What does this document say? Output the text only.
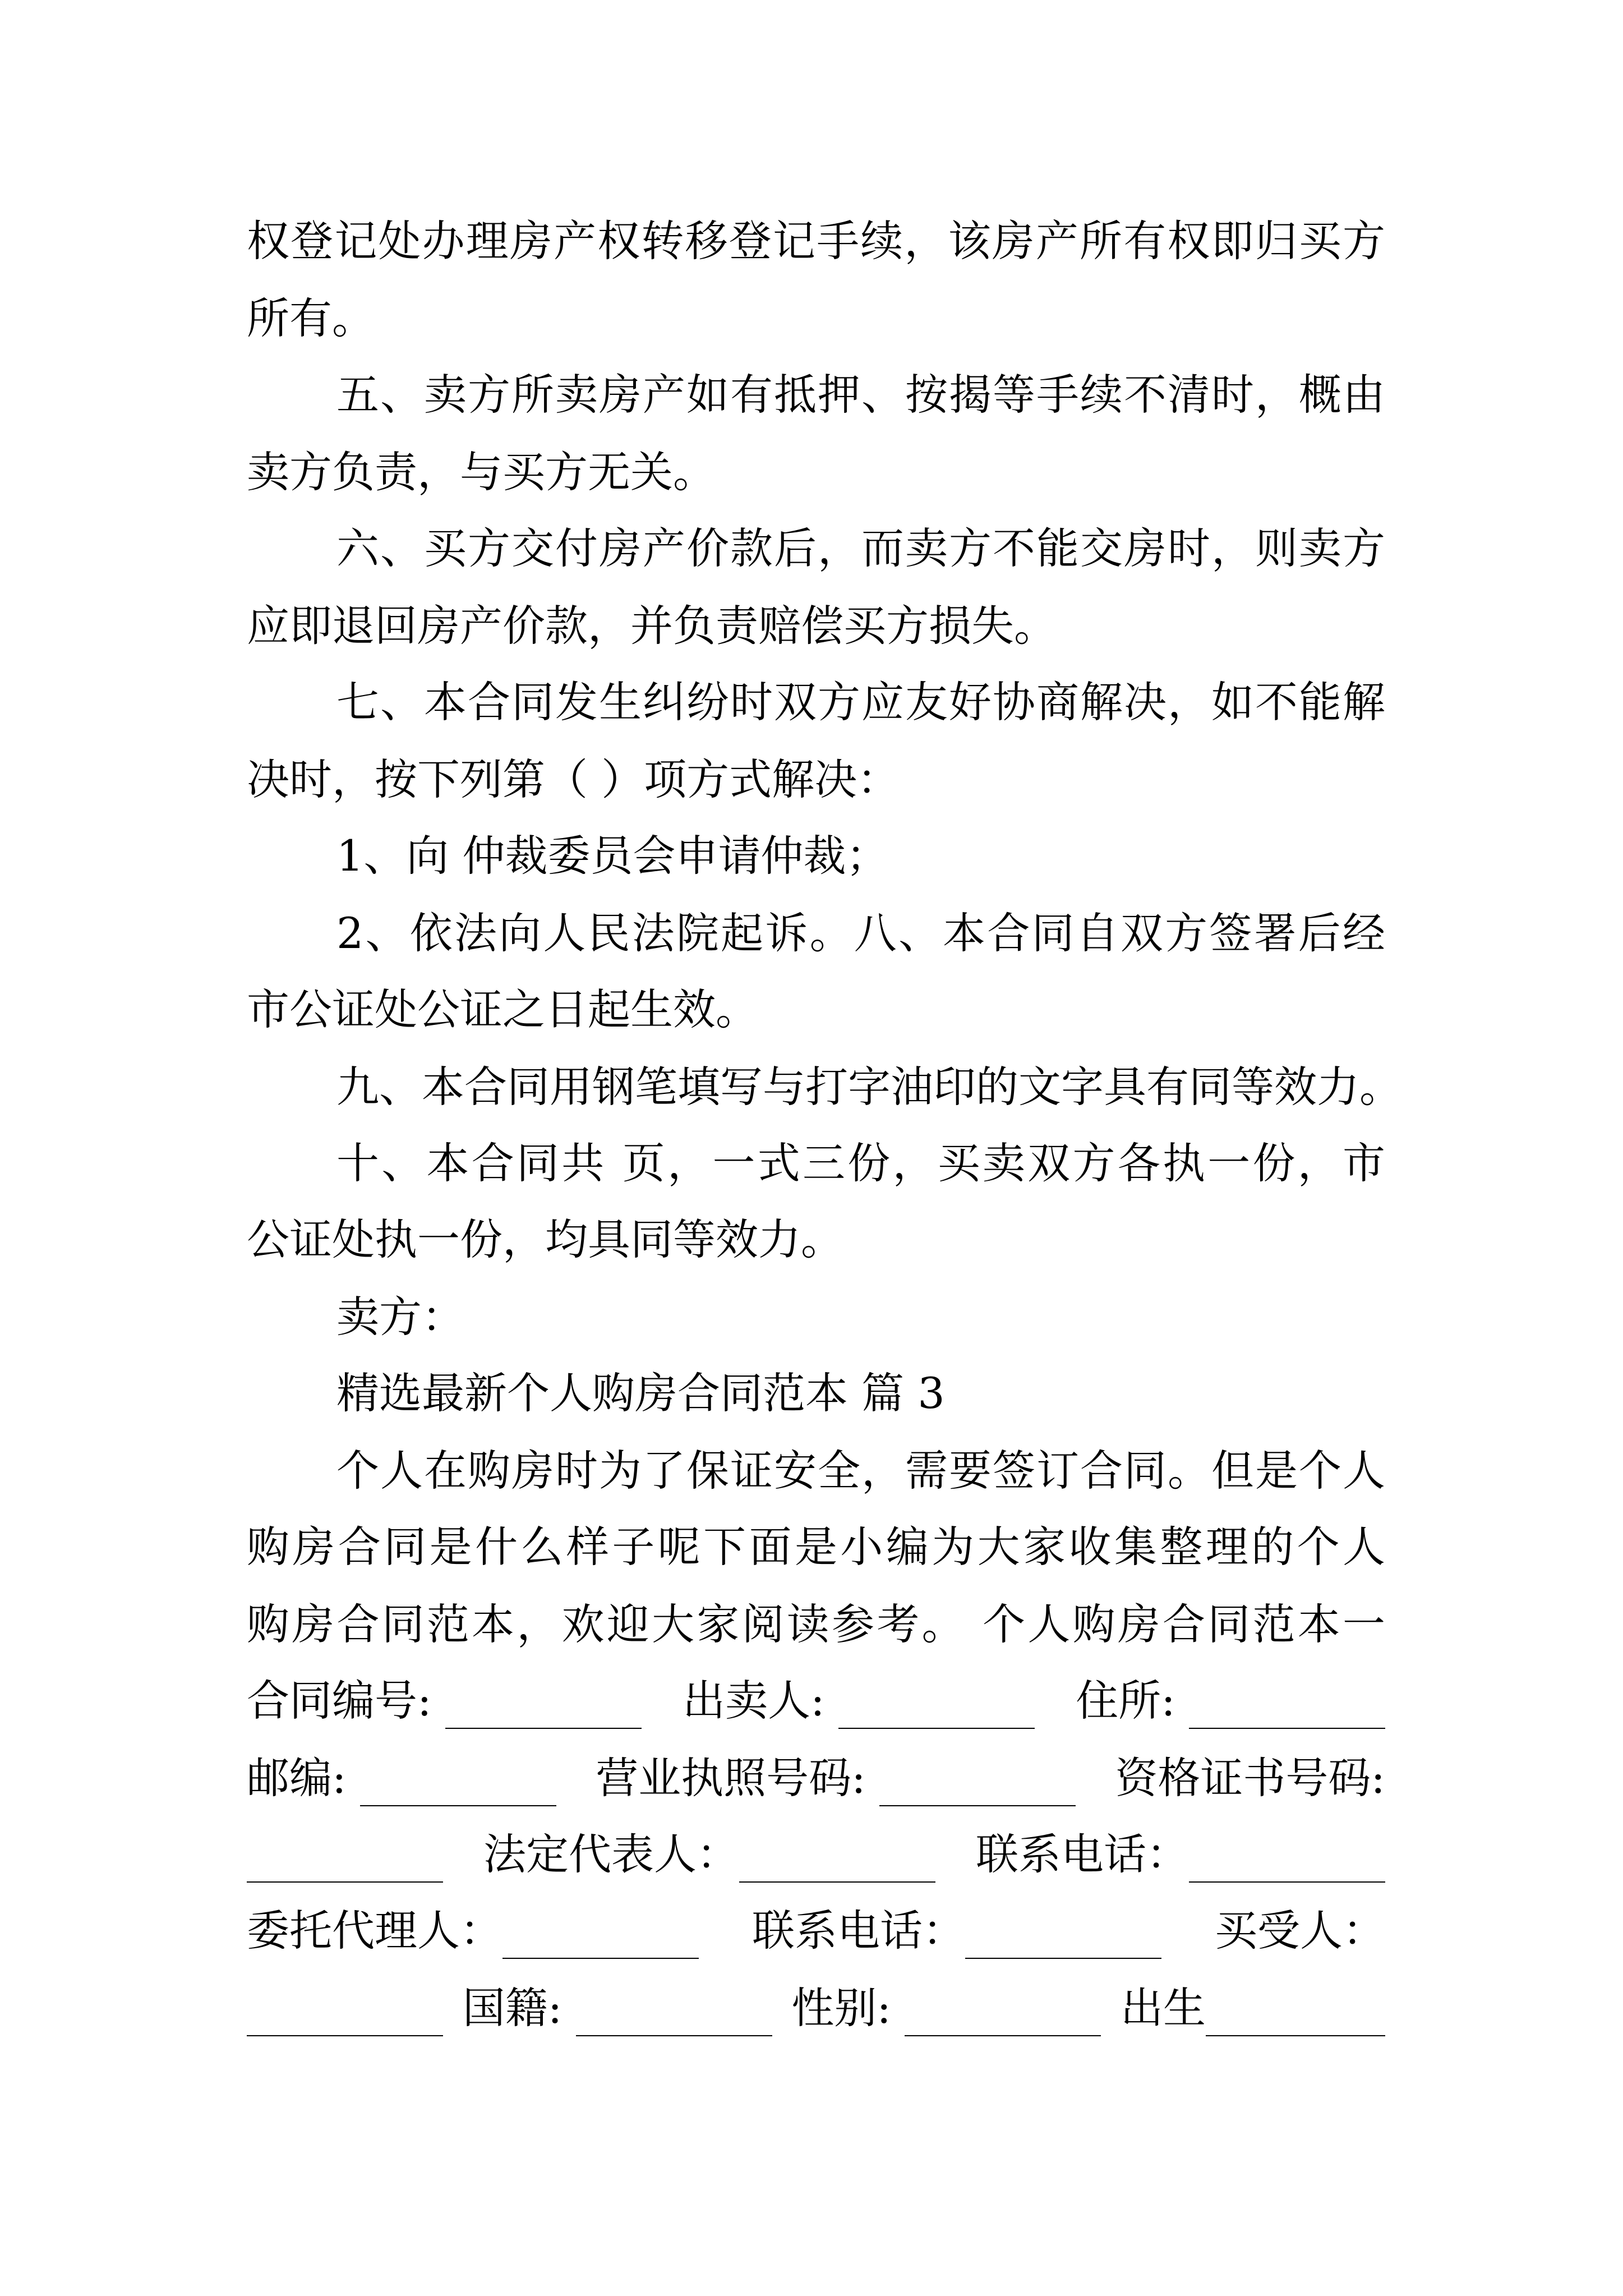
权登记处办理房产权转移登记手续，该房产所有权即归买方
所有。
五、卖方所卖房产如有抵押、按揭等手续不清时，概由
卖方负责，与买方无关。
六、买方交付房产价款后，而卖方不能交房时，则卖方
应即退回房产价款，并负责赔偿买方损失。
七、本合同发生纠纷时双方应友好协商解决，如不能解
决时，按下列第（ ）项方式解决：
1、向 仲裁委员会申请仲裁；
2、依法向人民法院起诉。八、本合同自双方签署后经
市公证处公证之日起生效。
九、本合同用钢笔填写与打字油印的文字具有同等效力。
十、本合同共 页，一式三份，买卖双方各执一份，市
公证处执一份，均具同等效力。
卖方：
精选最新个人购房合同范本 篇 3
个人在购房时为了保证安全，需要签订合同。但是个人
购房合同是什么样子呢下面是小编为大家收集整理的个人
购房合同范本，欢迎大家阅读参考。 个人购房合同范本一
合同编号:
	出卖人:
	住所:

邮编:
	营业执照号码:
	资格证书号码:
法定代表人：	联系电话：
委托代理人：	联系电话：	买受人：
国籍:
	性别:
	出生
